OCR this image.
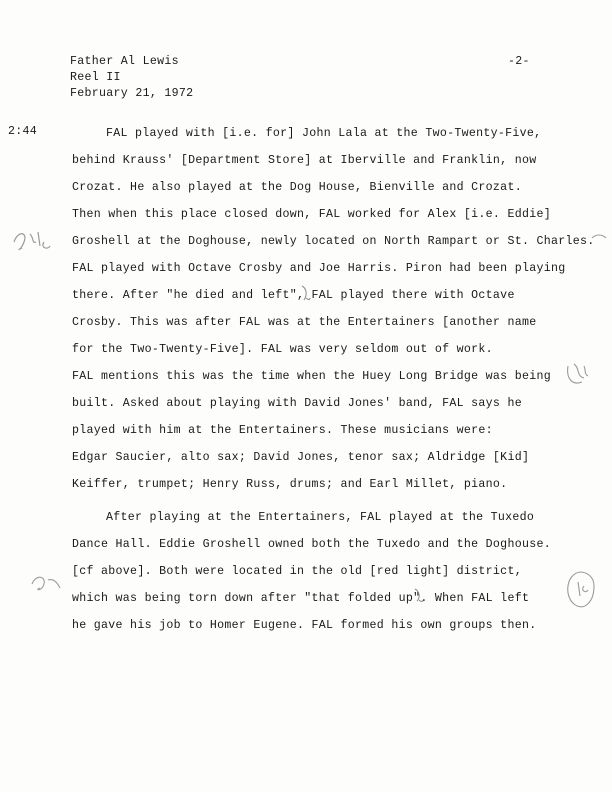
Father Al Lewis
Reel II
February 21, 1972
-2-
2:44	FAL played with [i.e. for] John Lala at the Two-Twenty-Five,
behind Krauss' [Department Store] at Iberville and Franklin, now
Crozat. He also played at the Dog House, Bienville and Crozat.
Then when this place closed down, FAL worked for Alex [i.e. Eddie]
Groshell at the Doghouse, newly located on North Rampart or St. Charles.
FAL played with Octave Crosby and Joe Harris. Piron had been playing
there. After "he died and left", FAL played there with Octave
Crosby. This was after FAL was at the Entertainers [another name
for the Two-Twenty-Five]. FAL was very seldom out of work.
FAL mentions this was the time when the Huey Long Bridge was being
built. Asked about playing with David Jones' band, FAL says he
played with him at the Entertainers. These musicians were:
Edgar Saucier, alto sax; David Jones, tenor sax; Aldridge [Kid]
Keiffer, trumpet; Henry Russ, drums; and Earl Millet, piano.
After playing at the Entertainers, FAL played at the Tuxedo
Dance Hall. Eddie Groshell owned both the Tuxedo and the Doghouse.
[cf above]. Both were located in the old [red light] district,
which was being torn down after "that folded up". When FAL left
he gave his job to Homer Eugene. FAL formed his own groups then.
